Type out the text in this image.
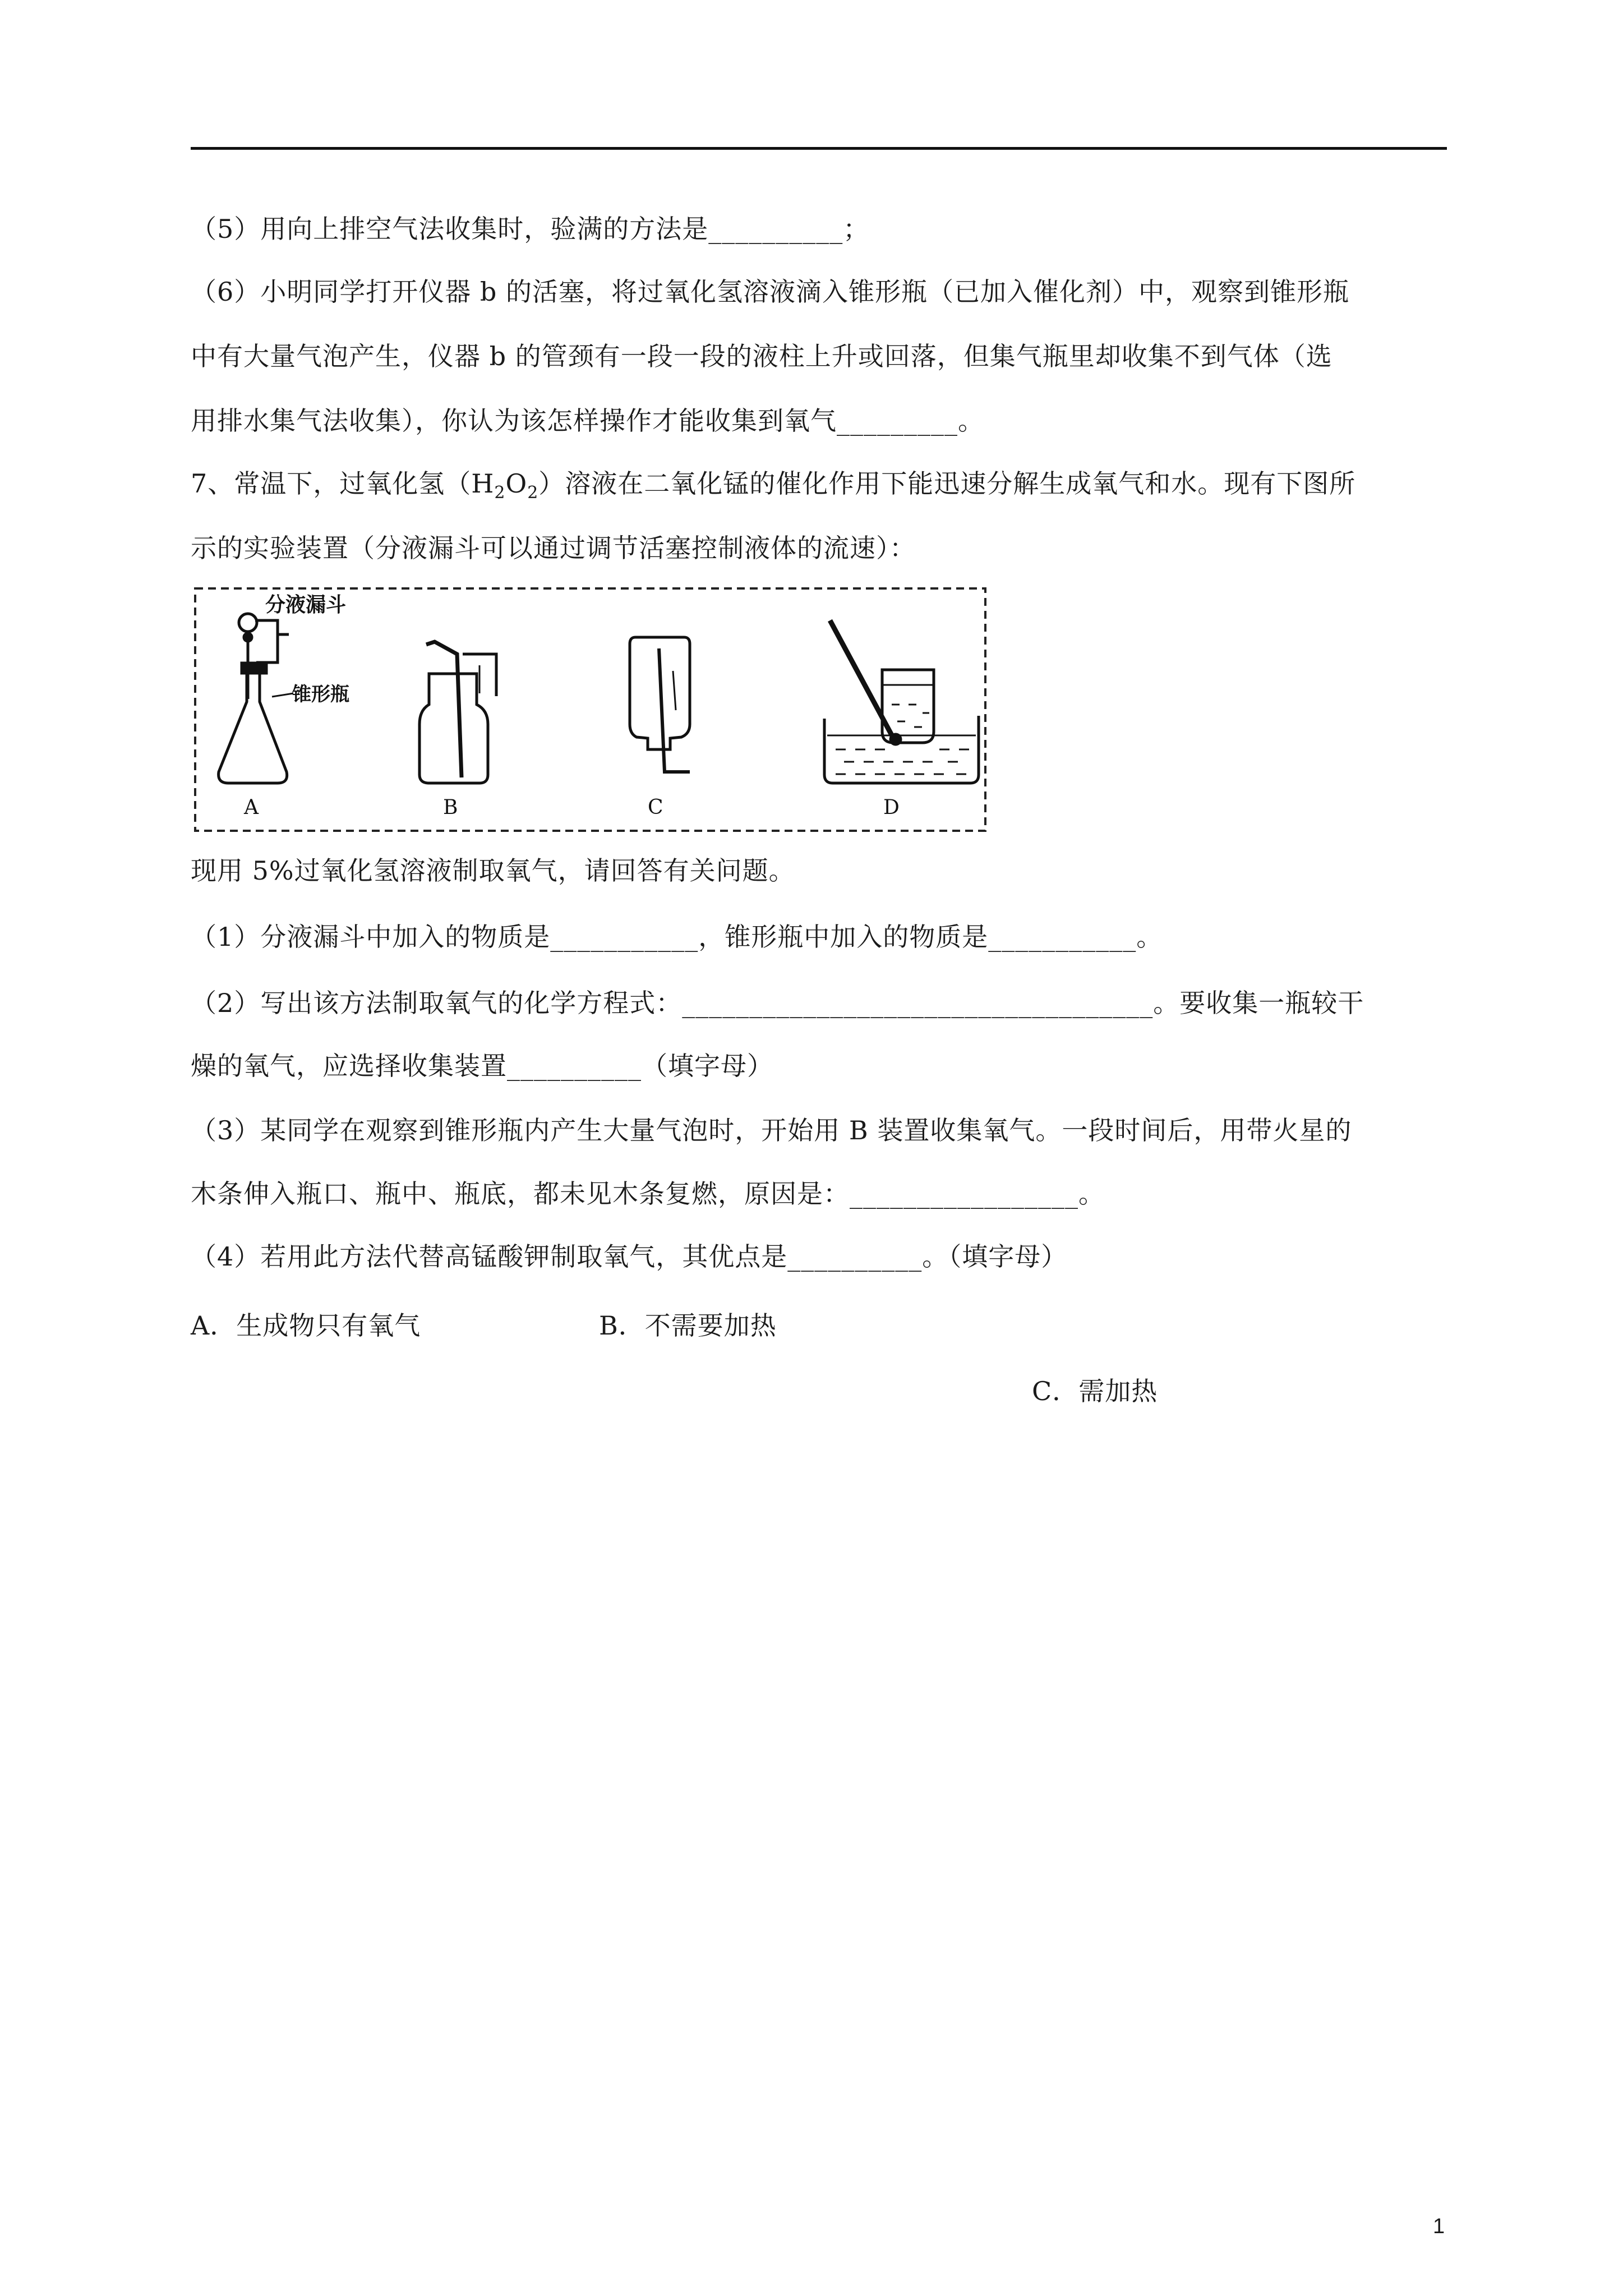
（5）用向上排空气法收集时，验满的方法是__________；
（6）小明同学打开仪器 b 的活塞，将过氧化氢溶液滴入锥形瓶（已加入催化剂）中，观察到锥形瓶
中有大量气泡产生，仪器 b 的管颈有一段一段的液柱上升或回落，但集气瓶里却收集不到气体（选
用排水集气法收集），你认为该怎样操作才能收集到氧气_________。
7、常温下，过氧化氢$(H_2O_2)$溶液在二氧化锰的催化作用下能迅速分解生成氧气和水。现有下图所
示的实验装置（分液漏斗可以通过调节活塞控制液体的流速）：
分液漏斗
锥形瓶
A	B	C	D
现用 5%过氧化氢溶液制取氧气，请回答有关问题。
（1）分液漏斗中加入的物质是___________，锥形瓶中加入的物质是___________。
（2）写出该方法制取氧气的化学方程式：___________________________________。要收集一瓶较干
燥的氧气，应选择收集装置__________（填字母）
（3）某同学在观察到锥形瓶内产生大量气泡时，开始用 B 装置收集氧气。一段时间后，用带火星的
木条伸入瓶口、瓶中、瓶底，都未见木条复燃，原因是：_________________。
（4）若用此方法代替高锰酸钾制取氧气，其优点是__________。（填字母）
A．生成物只有氧气	B．不需要加热
C．需加热
1
